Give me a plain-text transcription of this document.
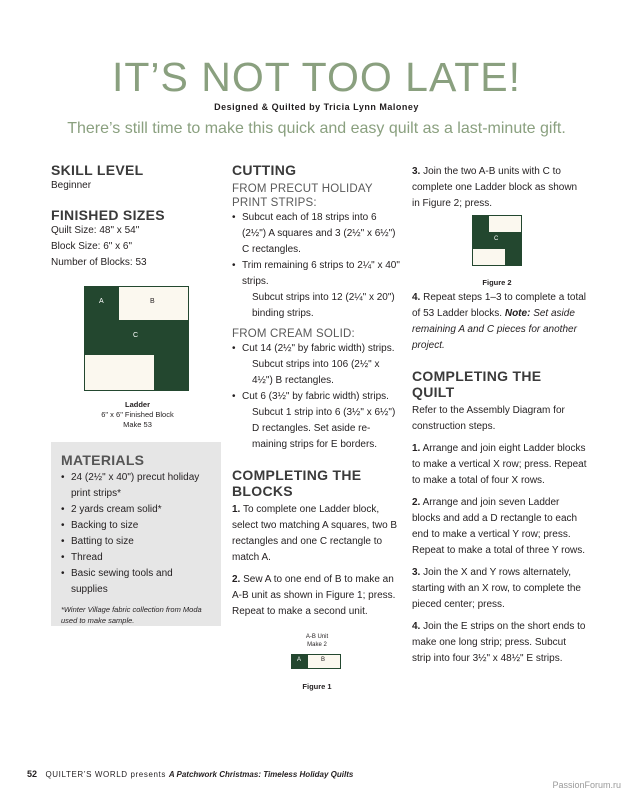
IT’S NOT TOO LATE!
Designed & Quilted by Tricia Lynn Maloney
There’s still time to make this quick and easy quilt as a last-minute gift.
SKILL LEVEL
Beginner
FINISHED SIZES
Quilt Size: 48" x 54"
Block Size: 6" x 6"
Number of Blocks: 53
A	B
C
Ladder
6" x 6" Finished Block
Make 53
MATERIALS
• 24 (2½" x 40") precut holiday print strips*
• 2 yards cream solid*
• Backing to size
• Batting to size
• Thread
• Basic sewing tools and supplies
*Winter Village fabric collection from Moda used to make sample.
CUTTING
FROM PRECUT HOLIDAY PRINT STRIPS:
• Subcut each of 18 strips into 6 (2½") A squares and 3 (2½" x 6½") C rectangles.
• Trim remaining 6 strips to 2¼" x 40" strips.
Subcut strips into 12 (2¼" x 20") binding strips.
FROM CREAM SOLID:
• Cut 14 (2½" by fabric width) strips.
Subcut strips into 106 (2½" x 4½") B rectangles.
• Cut 6 (3½" by fabric width) strips.
Subcut 1 strip into 6 (3½" x 6½") D rectangles. Set aside re-maining strips for E borders.
COMPLETING THE
BLOCKS

1. To complete one Ladder block, select two matching A squares, two B rectangles and one C rectangle to match A.

2. Sew A to one end of B to make an A-B unit as shown in Figure 1; press. Repeat to make a second unit.

A-B Unit
Make 2
A	B
Figure 1

3. Join the two A-B units with C to complete one Ladder block as shown in Figure 2; press.

C
Figure 2

4. Repeat steps 1–3 to complete a total of 53 Ladder blocks. Note: Set aside remaining A and C pieces for another project.

COMPLETING THE
QUILT

Refer to the Assembly Diagram for construction steps.

1. Arrange and join eight Ladder blocks to make a vertical X row; press. Repeat to make a total of four X rows.

2. Arrange and join seven Ladder blocks and add a D rectangle to each end to make a vertical Y row; press. Repeat to make a total of three Y rows.

3. Join the X and Y rows alternately, starting with an X row, to complete the pieced center; press.

4. Join the E strips on the short ends to make one long strip; press. Subcut strip into four 3½" x 48½" E strips.

52 QUILTER’S WORLD presents A Patchwork Christmas: Timeless Holiday Quilts
PassionForum.ru
